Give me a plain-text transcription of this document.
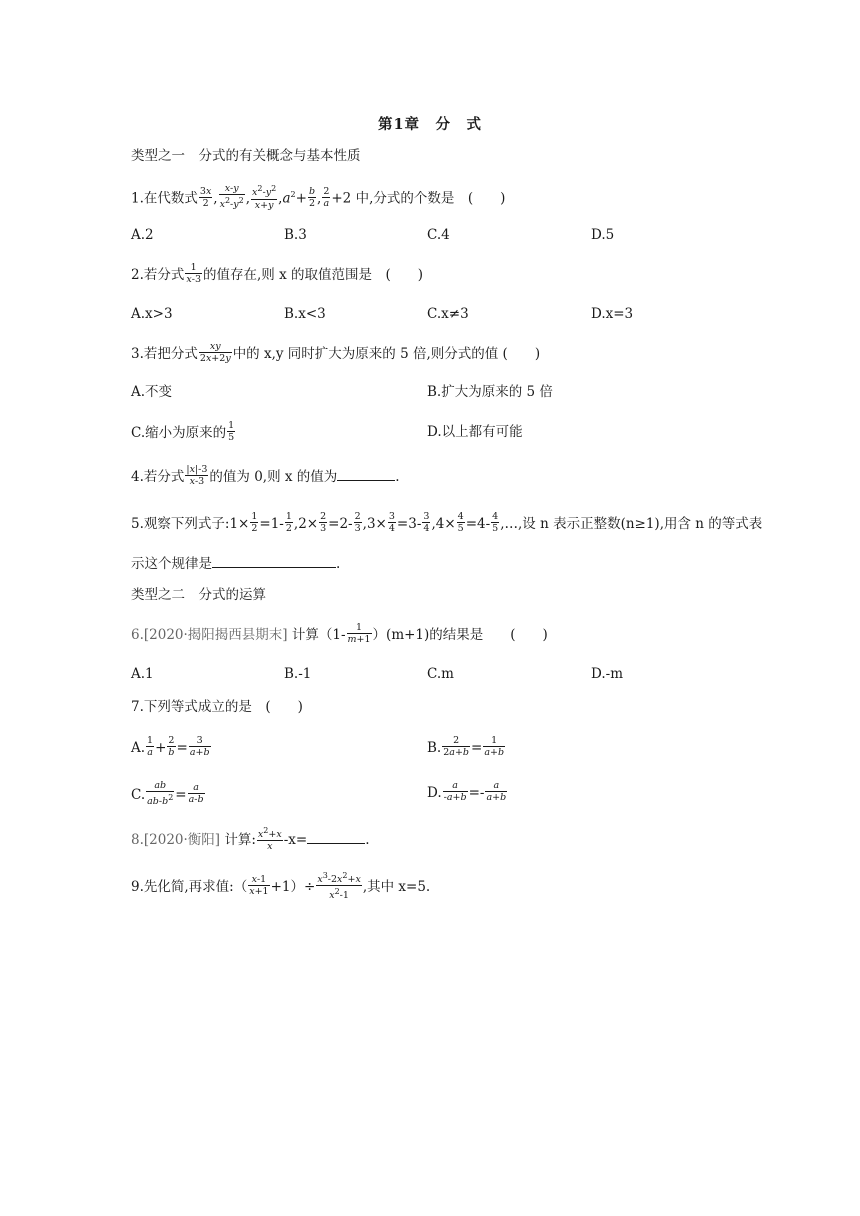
第1章　分　式
类型之一　分式的有关概念与基本性质
1.在代数式 $\frac{3x}{2}$ , $\frac{x-y}{x^2-y^2}$ , $\frac{x^2-y^2}{x+y} ,a^2+ \frac{b}{2}$ , $\frac{2}{a} +2$ 中,分式的个数是　(　　)
A.2	B.3	C.4	D.5
2.若分式 $\frac{1}{x-3}$ 的值存在,则 x 的取值范围是　(　　)
A.x>3	B.x<3	C.x≠3	D.x=3
3.若把分式 $\frac{xy}{2x+2y}$ 中的 x,y 同时扩大为原来的 5 倍,则分式的值 (　　)
A.不变	B.扩大为原来的 5 倍
C.缩小为原来的 $\frac{1}{5}$	D.以上都有可能
4.若分式 $\frac{|x|-3}{x-3}$ 的值为 0,则 x 的值为	.
5.观察下列式子:1× $\frac{1}{2} =1- \frac{1}{2} ,2\times \frac{2}{3} =2- \frac{2}{3} ,3\times \frac{3}{4} =3- \frac{3}{4} ,4\times \frac{4}{5} =4- \frac{4}{5}$ ,…,设 n 表示正整数(n≥1),用含 n 的等式表
示这个规律是	.
类型之二　分式的运算
6.[2020·揭阳揭西县期末] 计算$(1- \frac{1}{m+1} )(m+1)$的结果是　　(　　)
A.1	B.-1	C.m	D.-m
7.下列等式成立的是　(　　)
A. $\frac{1}{a} + \frac{2}{b} = \frac{3}{a+b}$	B. $\frac{2}{2a+b} = \frac{1}{a+b}$
C. $\frac{ab}{ab-b^2} = \frac{a}{a-b}$	D. $\frac{a}{-a+b} =- \frac{a}{a+b}$
8.[2020·衡阳] 计算: $\frac{x^2+x}{x} -x=$	.
9.先化简,再求值:（ $\frac{x-1}{x+1} +1)\div \frac{x^3-2x^2+x}{x^2-1}$ ,其中 x=5.
